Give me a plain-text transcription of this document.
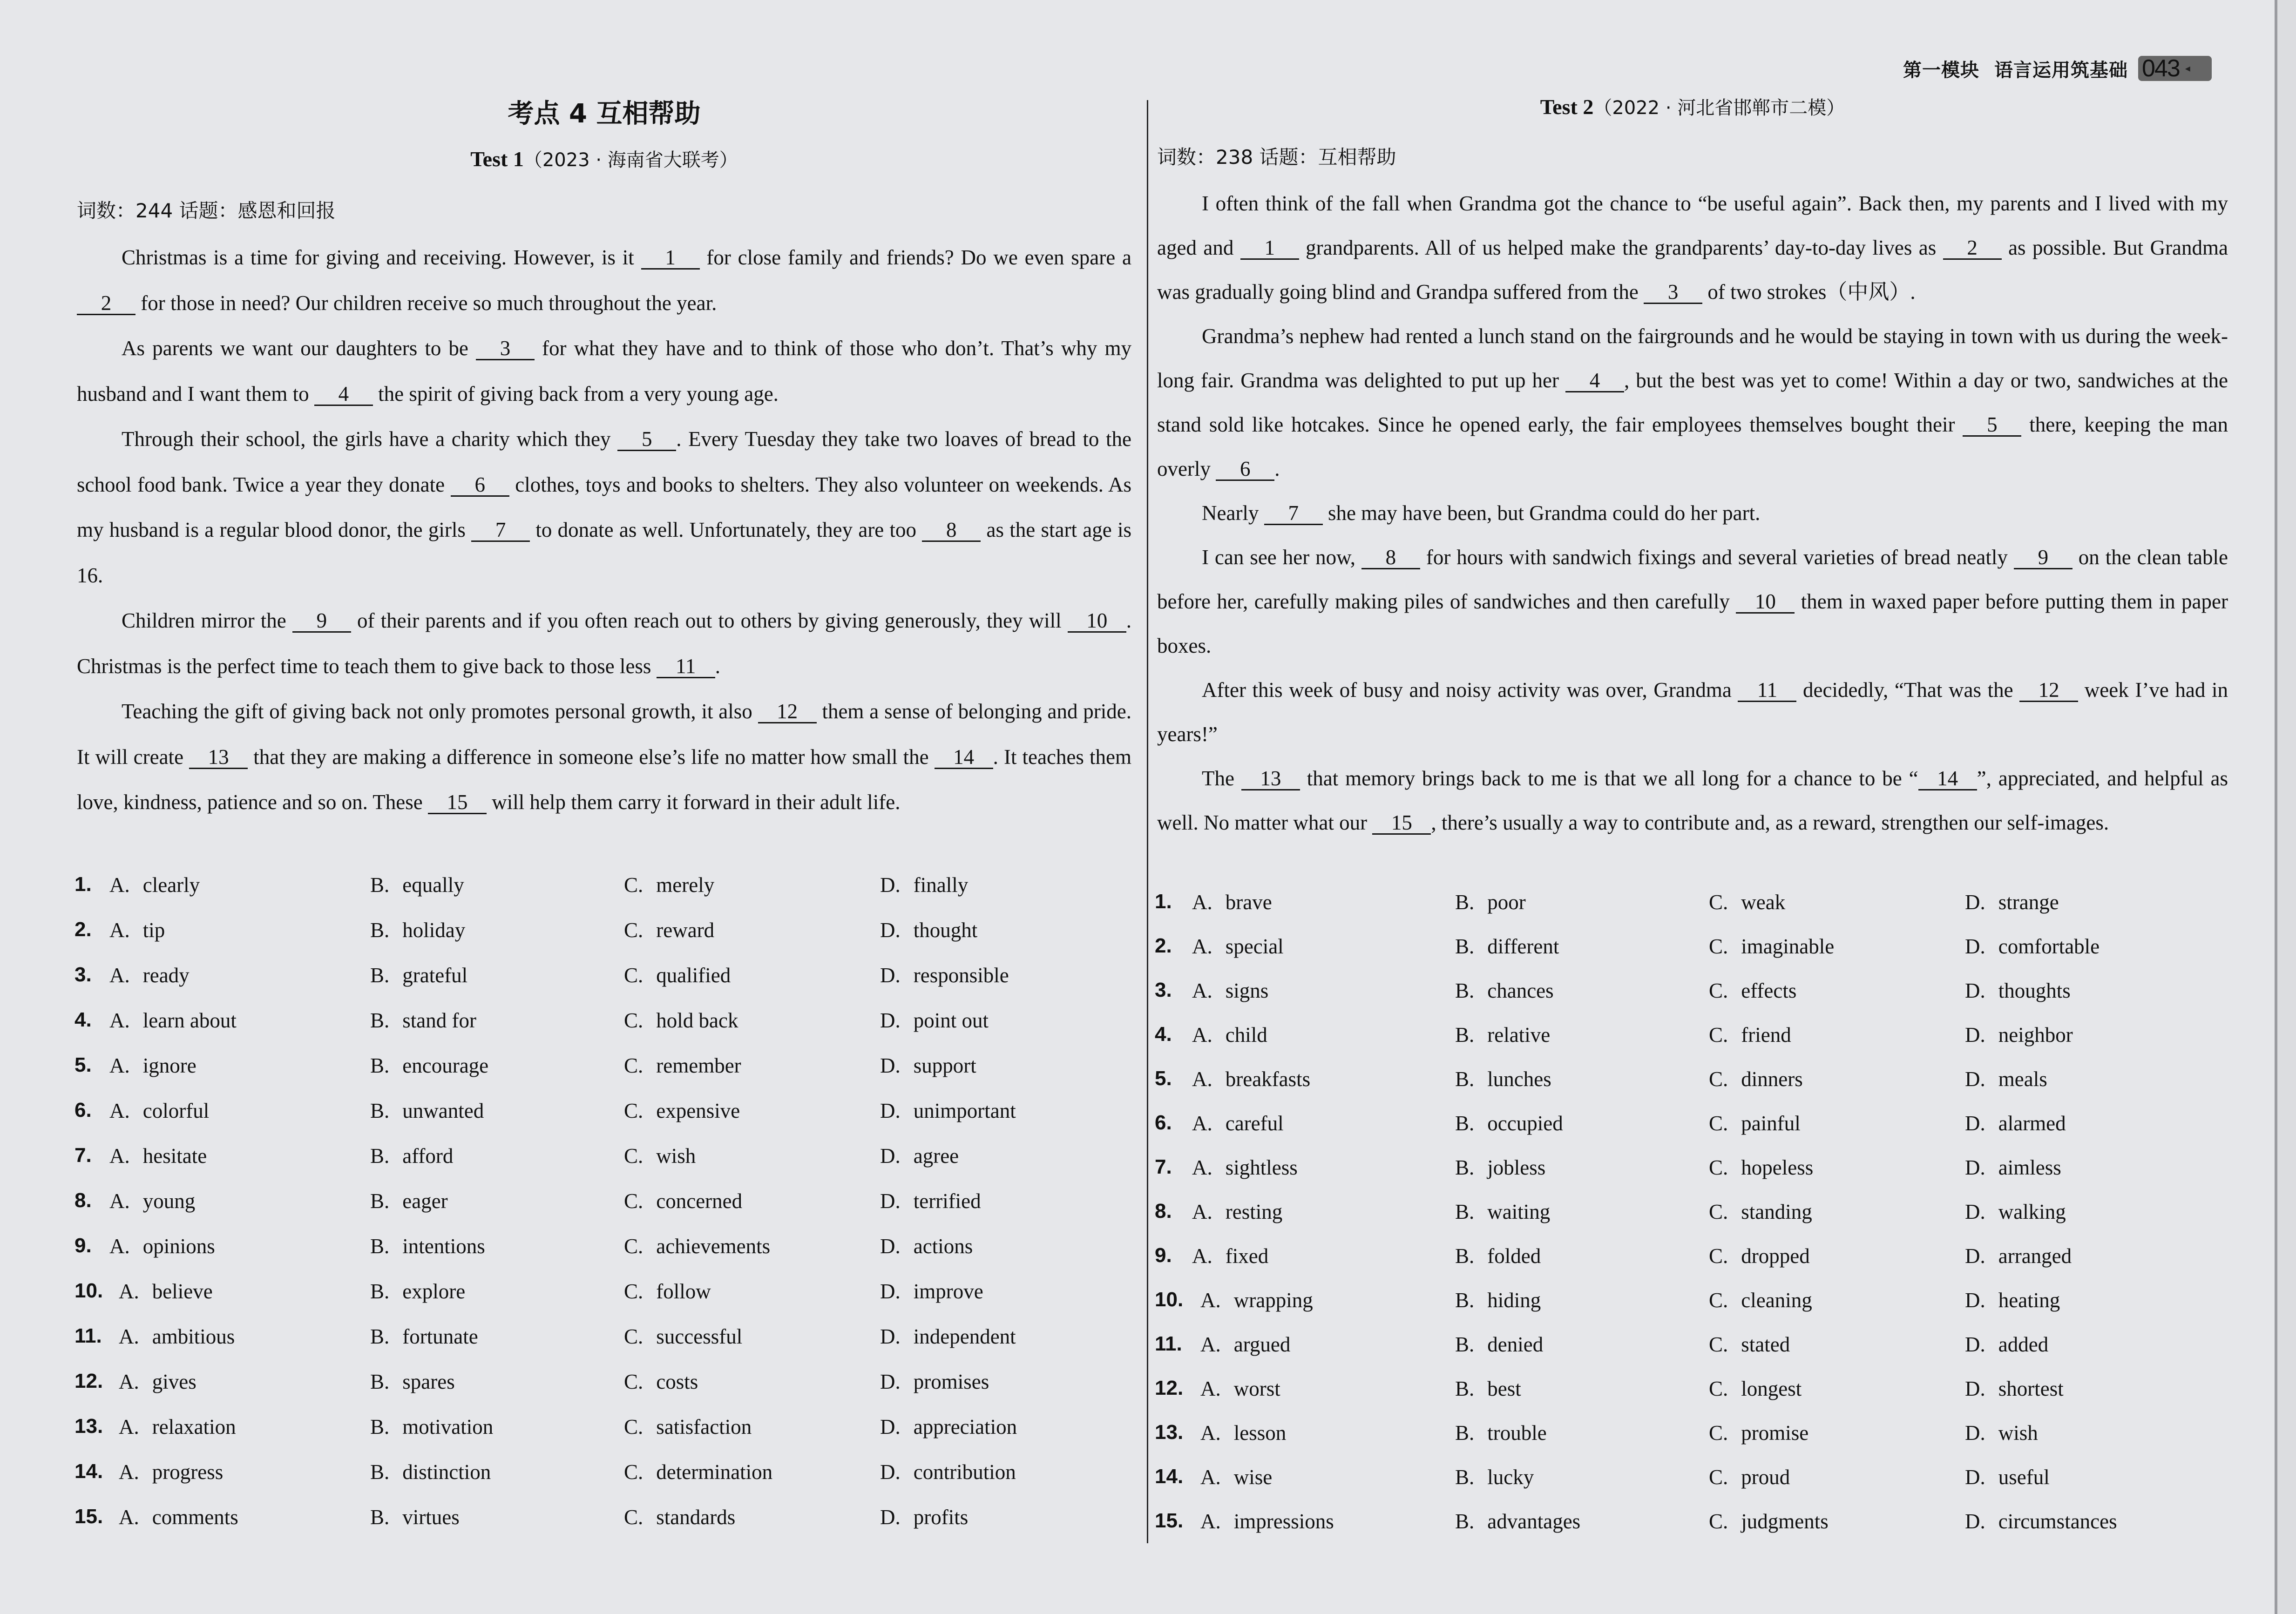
第一模块 语言运用筑基础 043 ◂
考点 4 互相帮助
Test 1（2023 · 海南省大联考）
词数：244 话题：感恩和回报

Christmas is a time for giving and receiving. However, is it 1 for close family and friends? Do we even spare a 2 for those in need? Our children receive so much throughout the year.

As parents we want our daughters to be 3 for what they have and to think of those who don’t. That’s why my husband and I want them to 4 the spirit of giving back from a very young age.

Through their school, the girls have a charity which they 5 . Every Tuesday they take two loaves of bread to the school food bank. Twice a year they donate 6 clothes, toys and books to shelters. They also volunteer on weekends. As my husband is a regular blood donor, the girls 7 to donate as well. Unfortunately, they are too 8 as the start age is 16.

Children mirror the 9 of their parents and if you often reach out to others by giving generously, they will 10 . Christmas is the perfect time to teach them to give back to those less 11 .

Teaching the gift of giving back not only promotes personal growth, it also 12 them a sense of belonging and pride. It will create 13 that they are making a difference in someone else’s life no matter how small the 14 . It teaches them love, kindness, patience and so on. These 15 will help them carry it forward in their adult life.

1. A. clearly	B. equally	C. merely	D. finally
2. A. tip	B. holiday	C. reward	D. thought
3. A. ready	B. grateful	C. qualified	D. responsible
4. A. learn about	B. stand for	C. hold back	D. point out
5. A. ignore	B. encourage	C. remember	D. support
6. A. colorful	B. unwanted	C. expensive	D. unimportant
7. A. hesitate	B. afford	C. wish	D. agree
8. A. young	B. eager	C. concerned	D. terrified
9. A. opinions	B. intentions	C. achievements	D. actions
10. A. believe	B. explore	C. follow	D. improve
11. A. ambitious	B. fortunate	C. successful	D. independent
12. A. gives	B. spares	C. costs	D. promises
13. A. relaxation	B. motivation	C. satisfaction	D. appreciation
14. A. progress	B. distinction	C. determination	D. contribution
15. A. comments	B. virtues	C. standards	D. profits
Test 2（2022 · 河北省邯郸市二模）
词数：238 话题：互相帮助

I often think of the fall when Grandma got the chance to “be useful again”. Back then, my parents and I lived with my aged and 1 grandparents. All of us helped make the grandparents’ day-to-day lives as 2 as possible. But Grandma was gradually going blind and Grandpa suffered from the 3 of two strokes（中风）.

Grandma’s nephew had rented a lunch stand on the fairgrounds and he would be staying in town with us during the week-long fair. Grandma was delighted to put up her 4 , but the best was yet to come! Within a day or two, sandwiches at the stand sold like hotcakes. Since he opened early, the fair employees themselves bought their 5 there, keeping the man overly 6 .

Nearly 7 she may have been, but Grandma could do her part.

I can see her now, 8 for hours with sandwich fixings and several varieties of bread neatly 9 on the clean table before her, carefully making piles of sandwiches and then carefully 10 them in waxed paper before putting them in paper boxes.

After this week of busy and noisy activity was over, Grandma 11 decidedly, “That was the 12 week I’ve had in years!”

The 13 that memory brings back to me is that we all long for a chance to be “ 14 ”, appreciated, and helpful as well. No matter what our 15 , there’s usually a way to contribute and, as a reward, strengthen our self-images.

1. A. brave	B. poor	C. weak	D. strange
2. A. special	B. different	C. imaginable	D. comfortable
3. A. signs	B. chances	C. effects	D. thoughts
4. A. child	B. relative	C. friend	D. neighbor
5. A. breakfasts	B. lunches	C. dinners	D. meals
6. A. careful	B. occupied	C. painful	D. alarmed
7. A. sightless	B. jobless	C. hopeless	D. aimless
8. A. resting	B. waiting	C. standing	D. walking
9. A. fixed	B. folded	C. dropped	D. arranged
10. A. wrapping	B. hiding	C. cleaning	D. heating
11. A. argued	B. denied	C. stated	D. added
12. A. worst	B. best	C. longest	D. shortest
13. A. lesson	B. trouble	C. promise	D. wish
14. A. wise	B. lucky	C. proud	D. useful
15. A. impressions	B. advantages	C. judgments	D. circumstances
